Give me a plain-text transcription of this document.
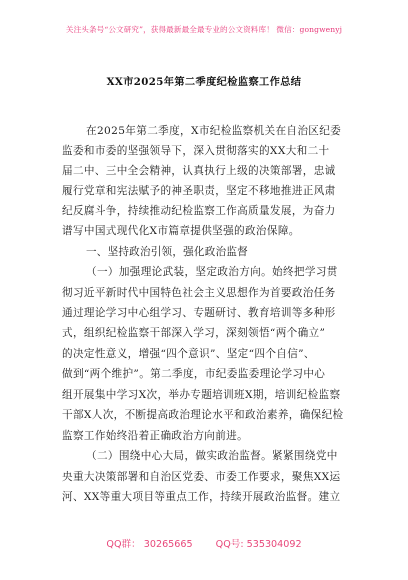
关注头条号“公文研究”，获得最新最全最专业的公文资料库！ 微信：gongwenyj
XX市2025年第二季度纪检监察工作总结
在2025年第二季度，X市纪检监察机关在自治区纪委
监委和市委的坚强领导下，深入贯彻落实的XX大和二十
届二中、三中全会精神，认真执行上级的决策部署，忠诚
履行党章和宪法赋予的神圣职责，坚定不移地推进正风肃
纪反腐斗争，持续推动纪检监察工作高质量发展，为奋力
谱写中国式现代化X市篇章提供坚强的政治保障。
一、坚持政治引领，强化政治监督
（一）加强理论武装，坚定政治方向。始终把学习贯
彻习近平新时代中国特色社会主义思想作为首要政治任务
通过理论学习中心组学习、专题研讨、教育培训等多种形
式，组织纪检监察干部深入学习，深刻领悟“两个确立”
的决定性意义，增强“四个意识”、坚定“四个自信”、
做到“两个维护”。第二季度，市纪委监委理论学习中心
组开展集中学习X次，举办专题培训班X期，培训纪检监察
干部X人次，不断提高政治理论水平和政治素养，确保纪检
监察工作始终沿着正确政治方向前进。
（二）围绕中心大局，做实政治监督。紧紧围绕党中
央重大决策部署和自治区党委、市委工作要求，聚焦XX运
河、XX等重大项目等重点工作，持续开展政治监督。建立
QQ群： 30265665 QQ号: 535304092
